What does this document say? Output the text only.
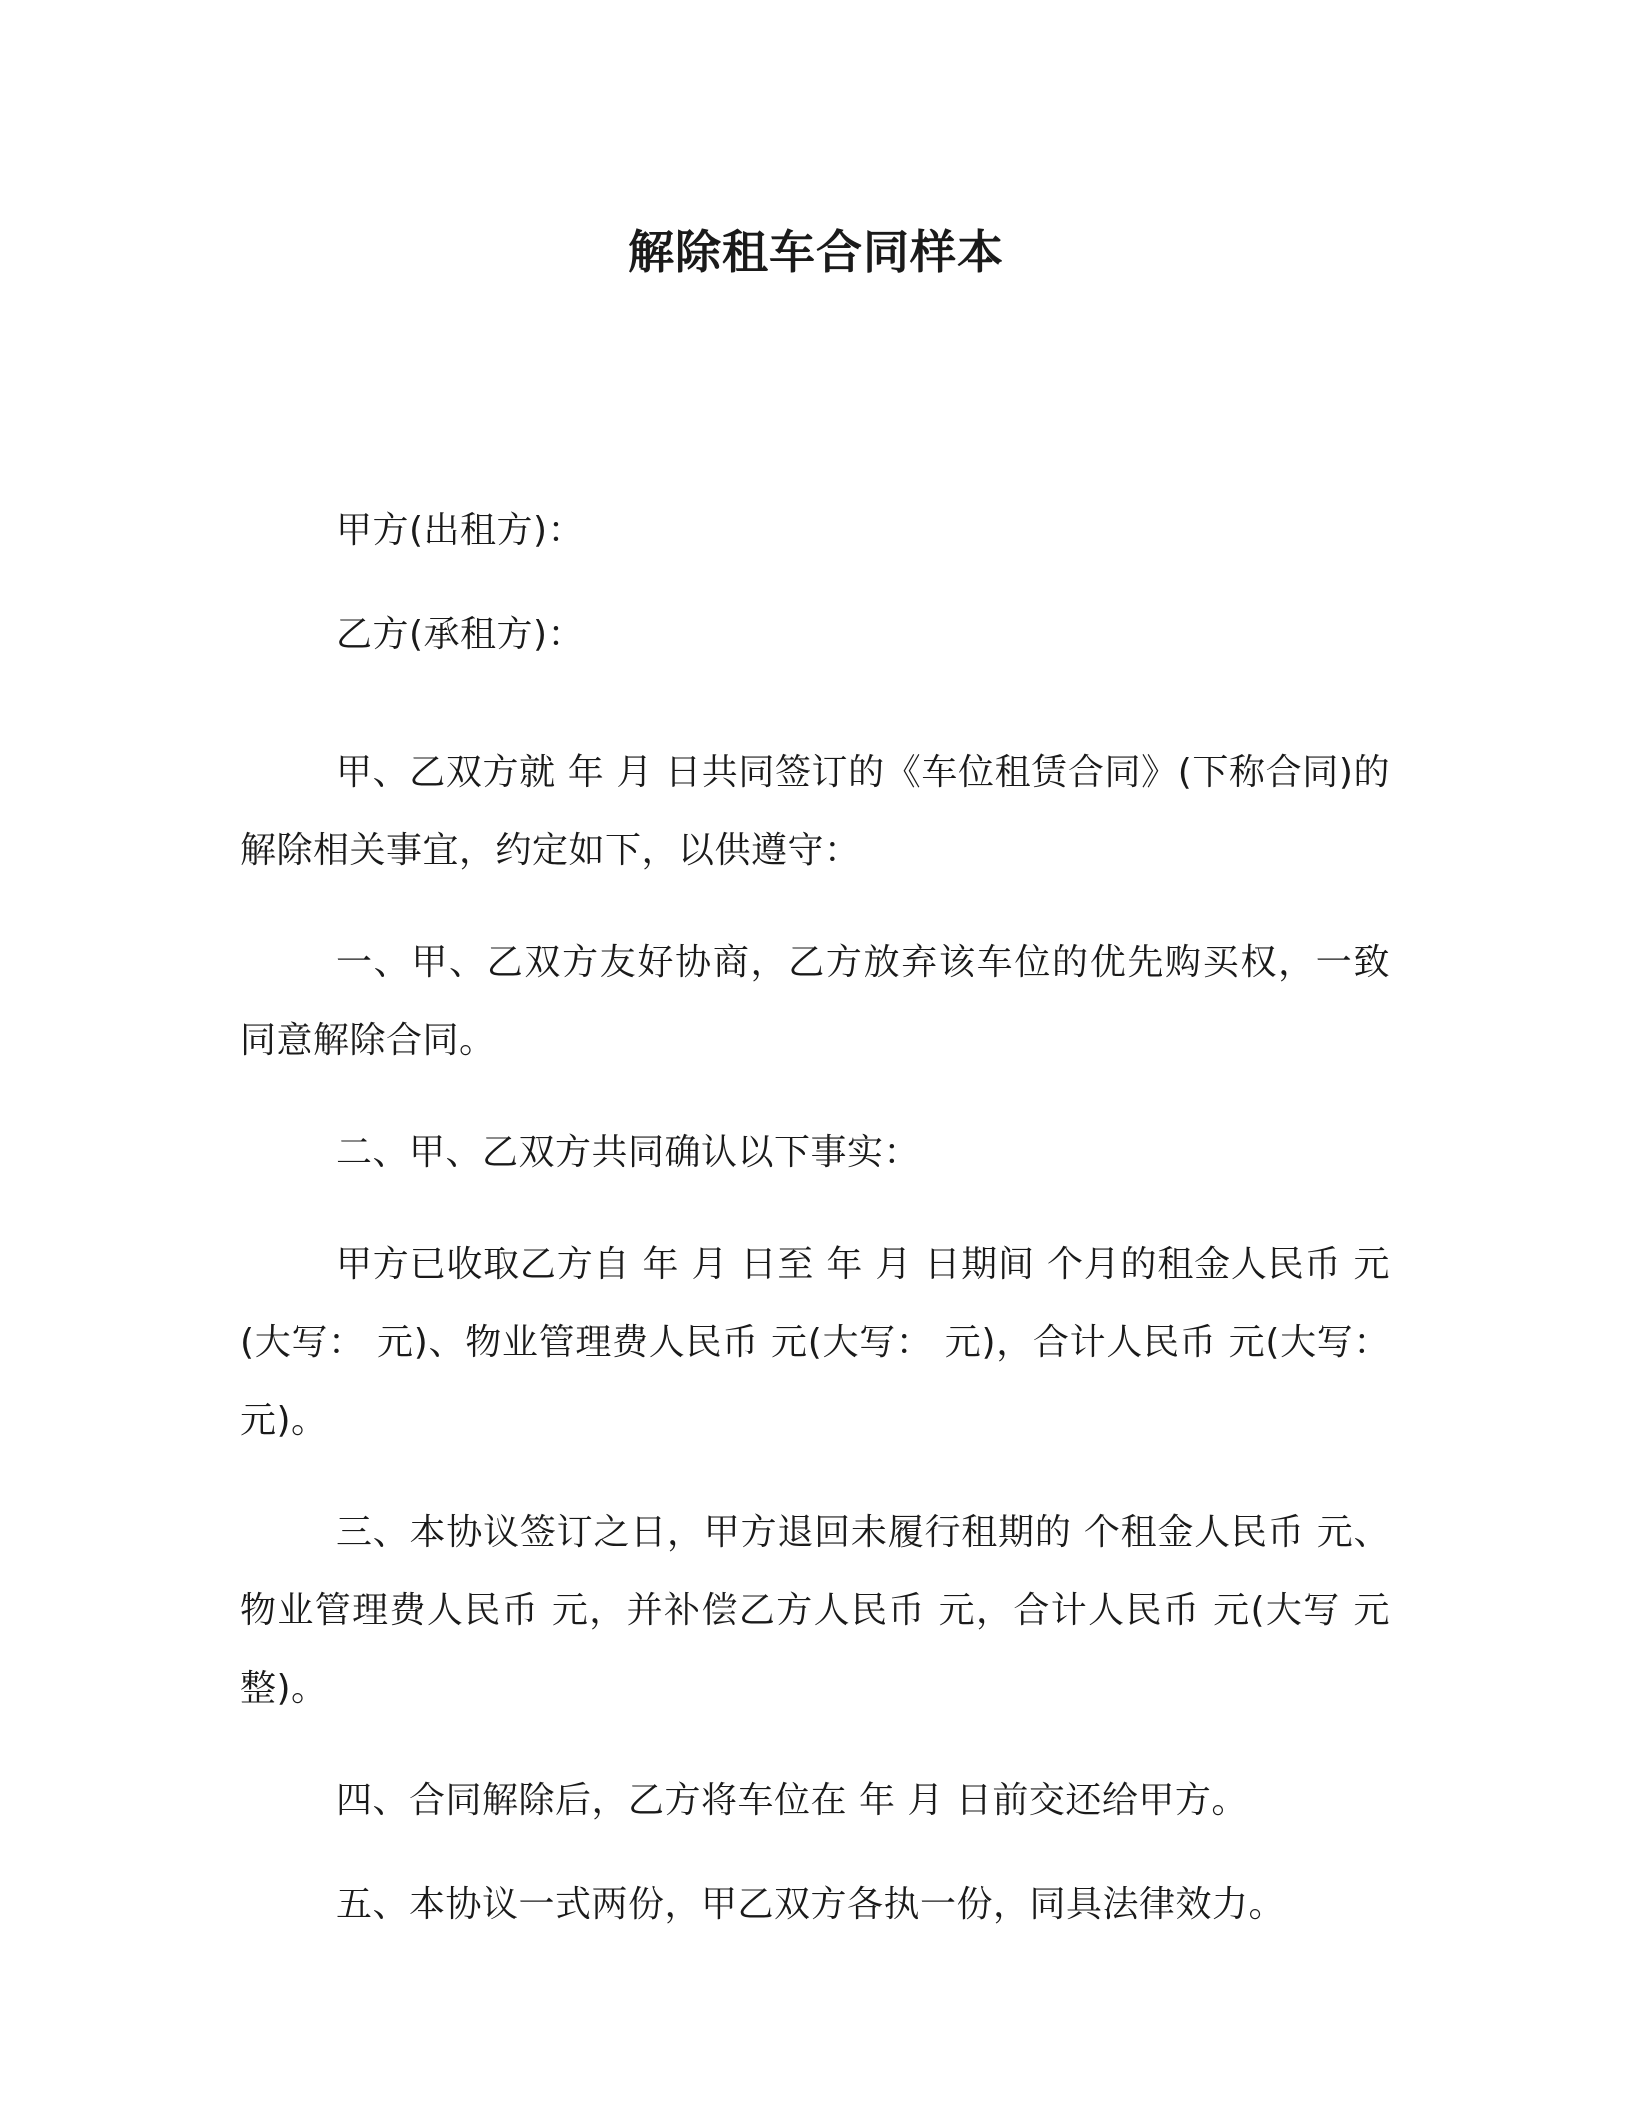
解除租车合同样本

甲方(出租方)：

乙方(承租方)：

甲、乙双方就 年 月 日共同签订的《车位租赁合同》(下称合同)的解除相关事宜，约定如下，以供遵守：

一、甲、乙双方友好协商，乙方放弃该车位的优先购买权，一致同意解除合同。

二、甲、乙双方共同确认以下事实：

甲方已收取乙方自 年 月 日至 年 月 日期间 个月的租金人民币 元(大写： 元)、物业管理费人民币 元(大写： 元)，合计人民币 元(大写： 元)。

三、本协议签订之日，甲方退回未履行租期的 个租金人民币 元、物业管理费人民币 元，并补偿乙方人民币 元，合计人民币 元(大写 元整)。

四、合同解除后，乙方将车位在 年 月 日前交还给甲方。

五、本协议一式两份，甲乙双方各执一份，同具法律效力。
